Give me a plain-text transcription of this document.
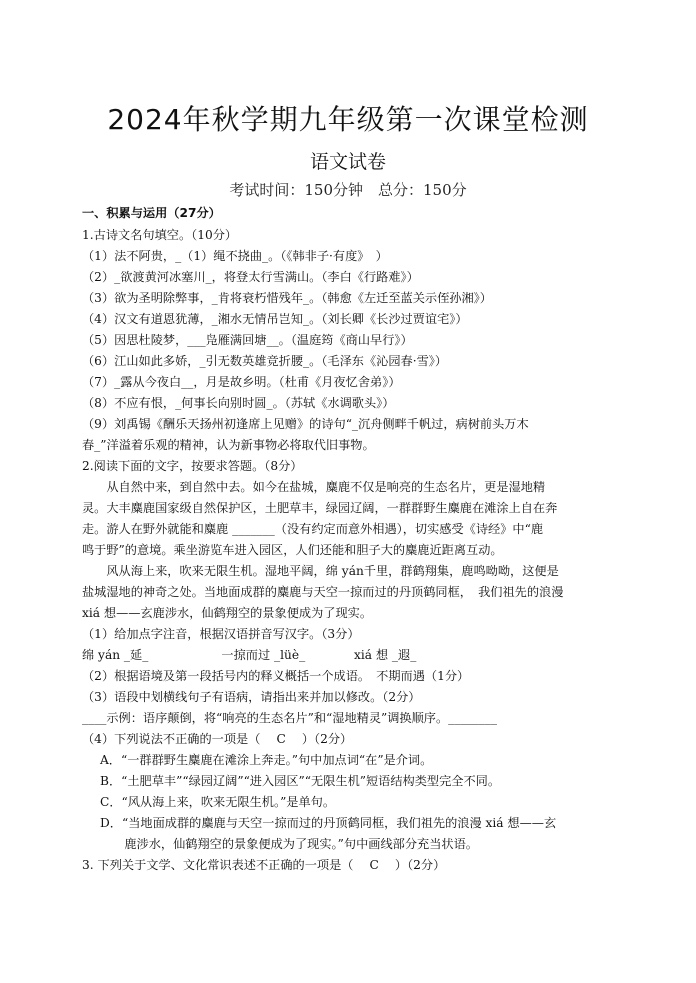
2024年秋学期九年级第一次课堂检测
语文试卷
考试时间：150分钟　总分：150分
一、积累与运用（27分）
1.古诗文名句填空。（10分）
（1）法不阿贵，_（1）绳不挠曲_。（《韩非子·有度》　）
（2）_欲渡黄河冰塞川_，将登太行雪满山。（李白《行路难》）
（3）欲为圣明除弊事，_肯将衰朽惜残年_。（韩愈《左迁至蓝关示侄孙湘》）
（4）汉文有道恩犹薄，_湘水无情吊岂知_。（刘长卿《长沙过贾谊宅》）
（5）因思杜陵梦，___凫雁满回塘__。（温庭筠《商山早行》）
（6）江山如此多娇，_引无数英雄竞折腰_。（毛泽东《沁园春·雪》）
（7）_露从今夜白__，月是故乡明。（杜甫《月夜忆舍弟》）
（8）不应有恨，_何事长向别时圆_。（苏轼《水调歌头》）
（9）刘禹锡《酬乐天扬州初逢席上见赠》的诗句“_沉舟侧畔千帆过，病树前头万木
春_”洋溢着乐观的精神，认为新事物必将取代旧事物。
2.阅读下面的文字，按要求答题。（8分）
　　从自然中来，到自然中去。如今在盐城，麋鹿不仅是响亮的生态名片，更是湿地精
灵。大丰麋鹿国家级自然保护区，土肥草丰，绿园辽阔，一群群野生麋鹿在滩涂上自在奔
走。游人在野外就能和麋鹿 _______（没有约定而意外相遇），切实感受《诗经》中“鹿
鸣于野”的意境。乘坐游览车进入园区，人们还能和胆子大的麋鹿近距离互动。
　　风从海上来，吹来无限生机。湿地平阔，绵 yán千里，群鹤翔集，鹿鸣呦呦，这便是
盐城湿地的神奇之处。当地面成群的麋鹿与天空一掠而过的丹顶鹤同框，　我们祖先的浪漫
xiá 想——玄鹿涉水，仙鹤翔空的景象便成为了现实。
（1）给加点字注音，根据汉语拼音写汉字。（3分）
绵 yán _延_　　　　　　一掠而过 _lüè_　　　　xiá 想 _遐_
（2）根据语境及第一段括号内的释义概括一个成语。　不期而遇（1分）
（3）语段中划横线句子有语病，请指出来并加以修改。（2分）
____示例：语序颠倒，将“响亮的生态名片”和“湿地精灵”调换顺序。________
（4）下列说法不正确的一项是（　 C　 ）（2分）
A．“一群群野生麋鹿在滩涂上奔走。”句中加点词“在”是介词。
B．“土肥草丰”“绿园辽阔”“进入园区”“无限生机”短语结构类型完全不同。
C．“风从海上来，吹来无限生机。”是单句。
D．“当地面成群的麋鹿与天空一掠而过的丹顶鹤同框，我们祖先的浪漫 xiá 想——玄
　　鹿涉水，仙鹤翔空的景象便成为了现实。”句中画线部分充当状语。
3. 下列关于文学、文化常识表述不正确的一项是（　 C　 ）（2分）
